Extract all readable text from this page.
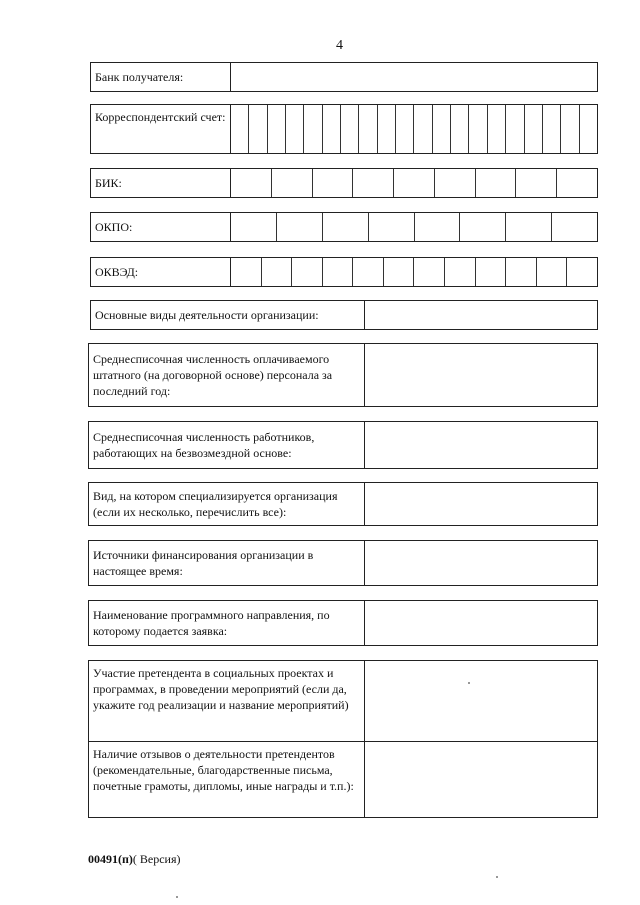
4
Банк получателя:
Корреспондентский счет:
БИК:
ОКПО:
ОКВЭД:
Основные виды деятельности организации:
Среднесписочная численность оплачиваемого штатного (на договорной основе) персонала за последний год:
Среднесписочная численность работников, работающих на безвозмездной основе:
Вид, на котором специализируется организация (если их несколько, перечислить все):
Источники финансирования организации в настоящее время:
Наименование программного направления, по которому подается заявка:
Участие претендента в социальных проектах и программах, в проведении мероприятий (если да, укажите год реализации и название мероприятий)
Наличие отзывов о деятельности претендентов (рекомендательные, благодарственные письма, почетные грамоты, дипломы, иные награды и т.п.):
00491(п)( Версия)
